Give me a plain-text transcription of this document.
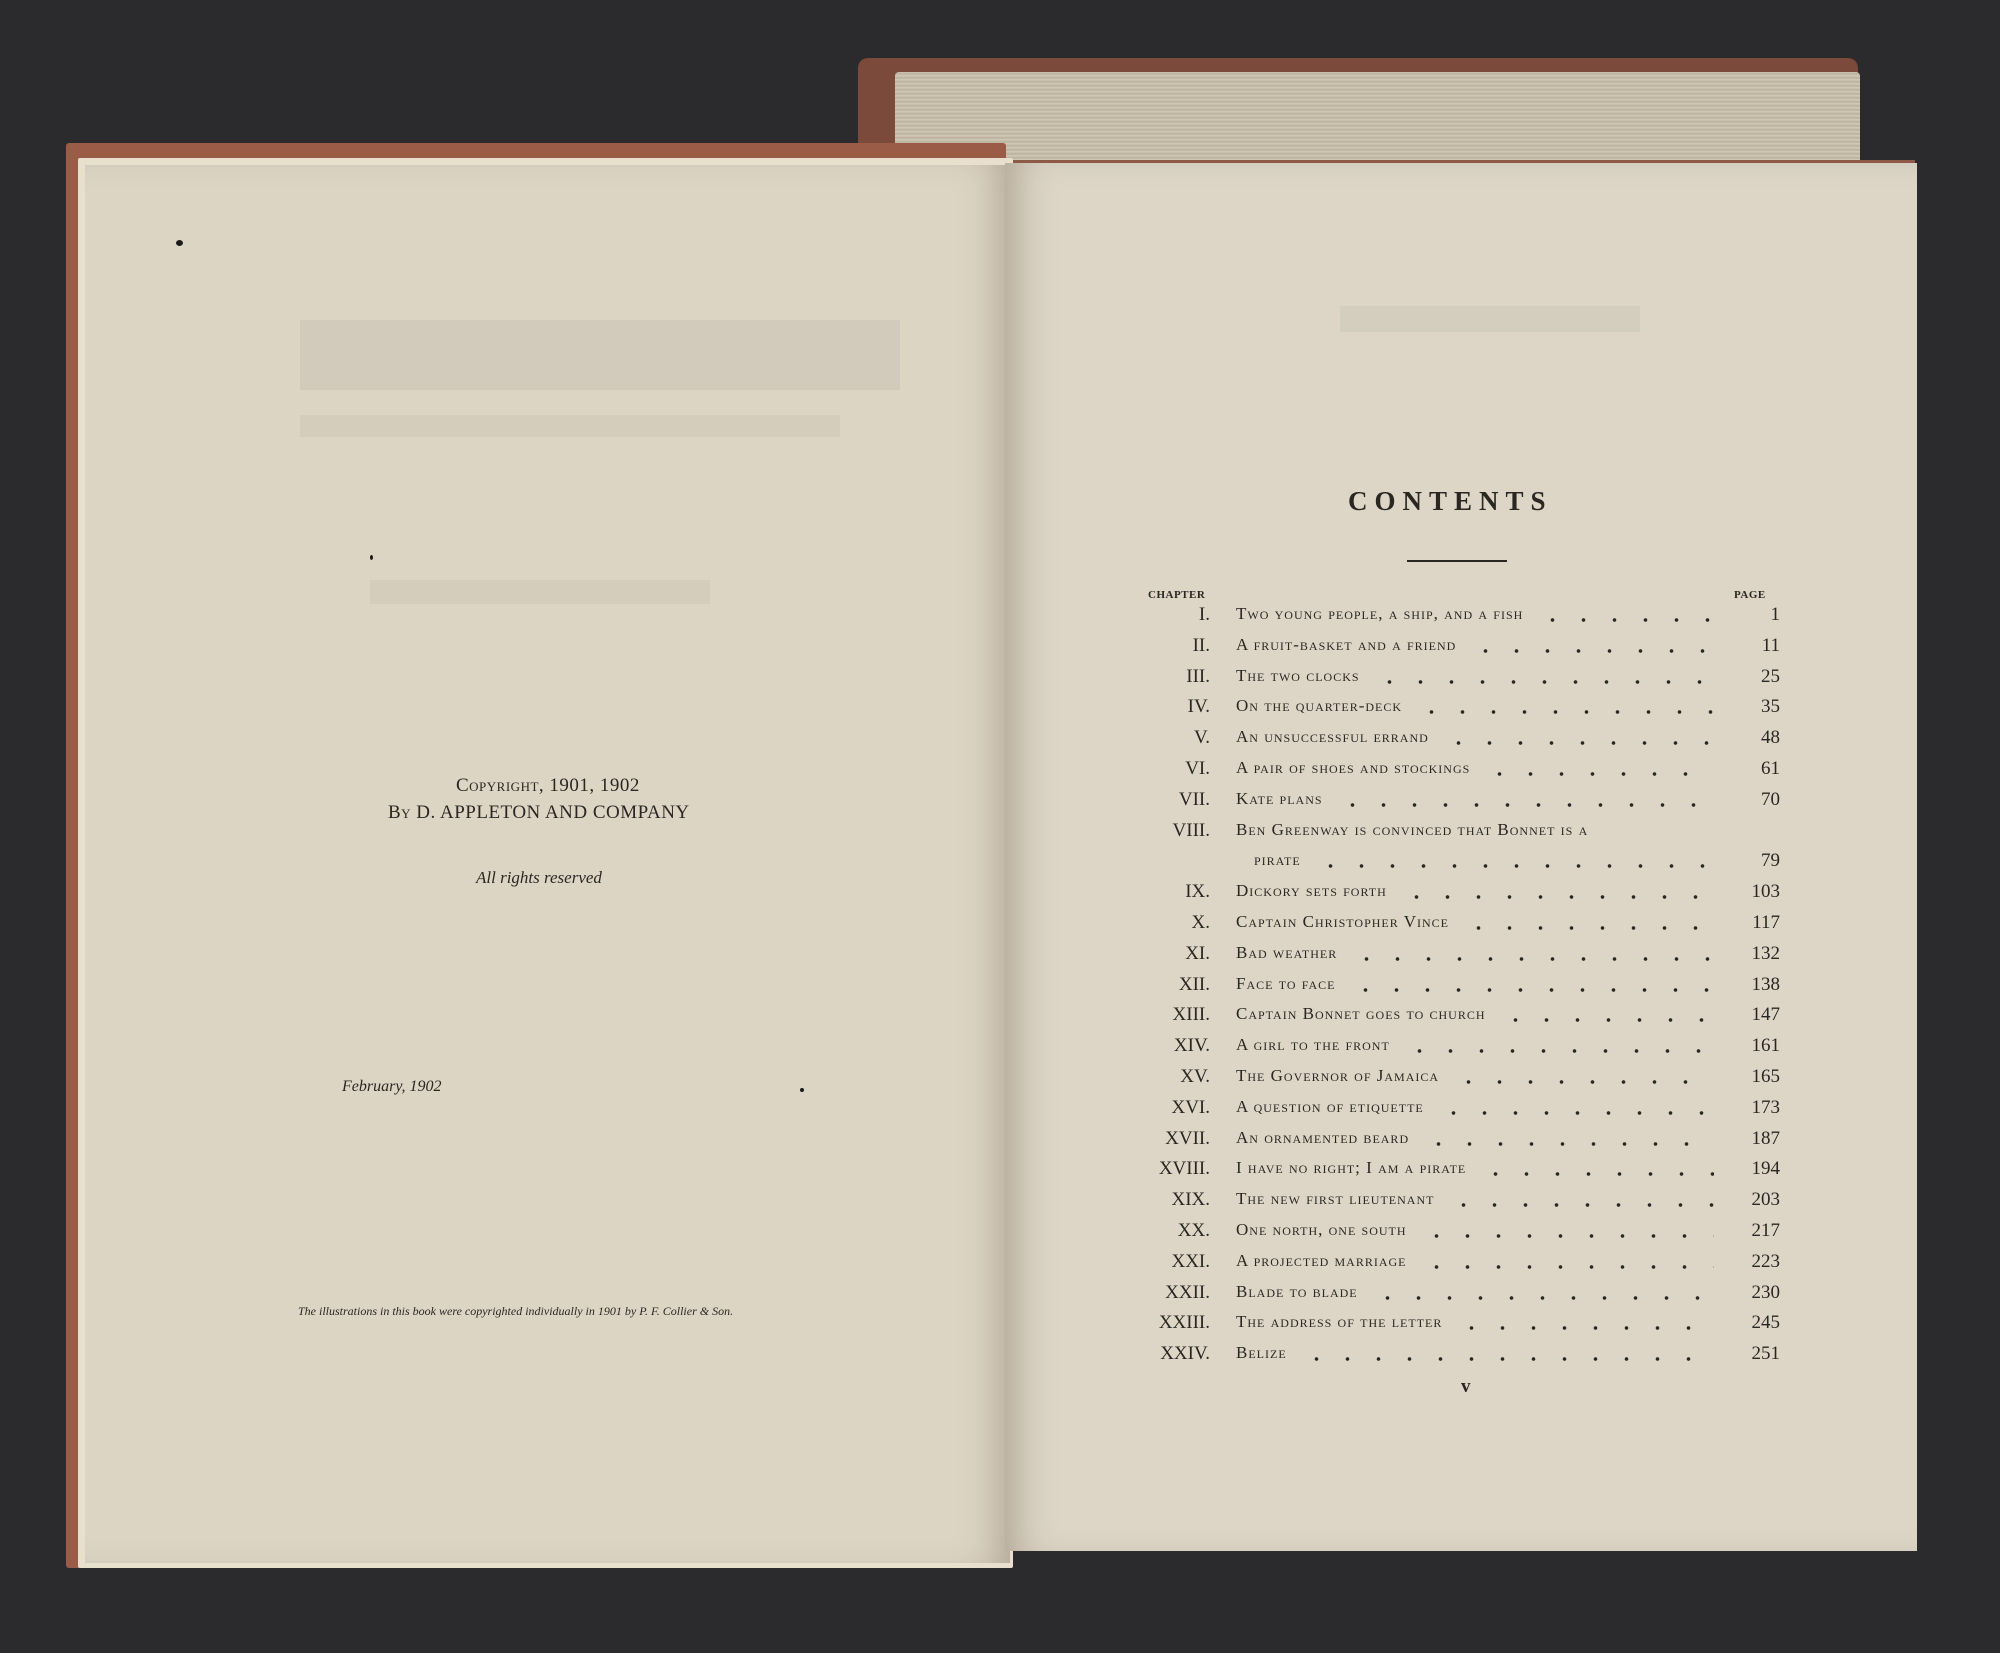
Copyright, 1901, 1902
By D. APPLETON AND COMPANY
All rights reserved
February, 1902
The illustrations in this book were copyrighted individually in 1901 by P. F. Collier & Son.
CONTENTS
CHAPTER	PAGE
I. Two young people, a ship, and a fish	1
II. A fruit-basket and a friend	11
III. The two clocks	25
IV. On the quarter-deck	35
V. An unsuccessful errand	48
VI. A pair of shoes and stockings	61
VII. Kate plans	70
VIII. Ben Greenway is convinced that Bonnet is a
pirate	79
IX. Dickory sets forth	103
X. Captain Christopher Vince	117
XI. Bad weather	132
XII. Face to face	138
XIII. Captain Bonnet goes to church	147
XIV. A girl to the front	161
XV. The Governor of Jamaica	165
XVI. A question of etiquette	173
XVII. An ornamented beard	187
XVIII. I have no right; I am a pirate	194
XIX. The new first lieutenant	203
XX. One north, one south	217
XXI. A projected marriage	223
XXII. Blade to blade	230
XXIII. The address of the letter	245
XXIV. Belize	251
v
